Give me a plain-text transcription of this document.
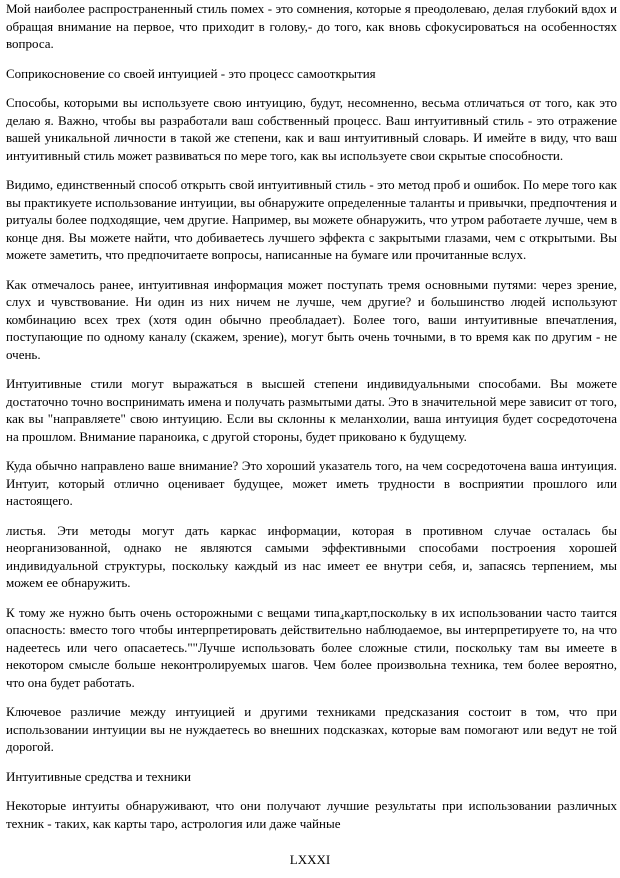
Мой наиболее распространенный стиль помех - это сомнения, которые я преодолеваю, делая глубокий вдох и обращая внимание на первое, что приходит в голову,- до того, как вновь сфокусироваться на особенностях вопроса.

Соприкосновение со своей интуицией - это процесс самооткрытия

Способы, которыми вы используете свою интуицию, будут, несомненно, весьма отличаться от того, как это делаю я. Важно, чтобы вы разработали ваш собственный процесс. Ваш интуитивный стиль - это отражение вашей уникальной личности в такой же степени, как и ваш интуитивный словарь. И имейте в виду, что ваш интуитивный стиль может развиваться по мере того, как вы используете свои скрытые способности.

Видимо, единственный способ открыть свой интуитивный стиль - это метод проб и ошибок. По мере того как вы практикуете использование интуиции, вы обнаружите определенные таланты и привычки, предпочтения и ритуалы более подходящие, чем другие. Например, вы можете обнаружить, что утром работаете лучше, чем в конце дня. Вы можете найти, что добиваетесь лучшего эффекта с закрытыми глазами, чем с открытыми. Вы можете заметить, что предпочитаете вопросы, написанные на бумаге или прочитанные вслух.

Как отмечалось ранее, интуитивная информация может поступать тремя основными путями: через зрение, слух и чувствование. Ни один из них ничем не лучше, чем другие? и большинство людей используют комбинацию всех трех (хотя один обычно преобладает). Более того, ваши интуитивные впечатления, поступающие по одному каналу (скажем, зрение), могут быть очень точными, в то время как по другим - не очень.

Интуитивные стили могут выражаться в высшей степени индивидуальными способами. Вы можете достаточно точно воспринимать имена и получать размытыми даты. Это в значительной мере зависит от того, как вы "направляете" свою интуицию. Если вы склонны к меланхолии, ваша интуиция будет сосредоточена на прошлом. Внимание параноика, с другой стороны, будет приковано к будущему.

Куда обычно направлено ваше внимание? Это хороший указатель того, на чем сосредоточена ваша интуиция. Интуит, который отлично оценивает будущее, может иметь трудности в восприятии прошлого или настоящего.

листья. Эти методы могут дать каркас информации, которая в противном случае осталась бы неорганизованной, однако не являются самыми эффективными способами построения хорошей индивидуальной структуры, поскольку каждый из нас имеет ее внутри себя, и, запасясь терпением, мы можем ее обнаружить.

К тому же нужно быть очень осторожными с вещами типа₄карт,поскольку в их использовании часто таится опасность: вместо того чтобы интерпретировать действительно наблюдаемое, вы интерпретируете то, на что надеетесь или чего опасаетесь.""Лучше использовать более сложные стили, поскольку там вы имеете в некотором смысле больше неконтролируемых шагов. Чем более произвольна техника, тем более вероятно, что она будет работать.

Ключевое различие между интуицией и другими техниками предсказания состоит в том, что при использовании интуиции вы не нуждаетесь во внешних подсказках, которые вам помогают или ведут не той дорогой.

Интуитивные средства и техники

Некоторые интуиты обнаруживают, что они получают лучшие результаты при использовании различных техник - таких, как карты таро, астрология или даже чайные

LXXXI
